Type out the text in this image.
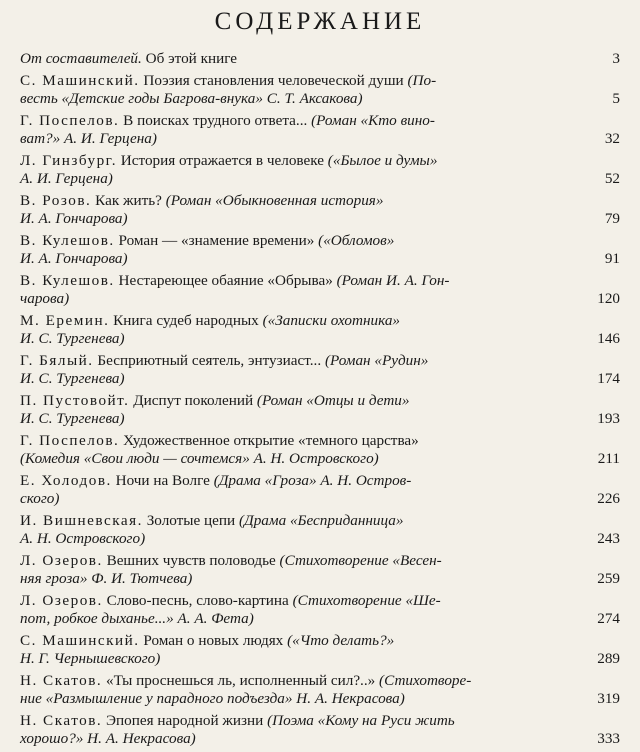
СОДЕРЖАНИЕ
От составителей. Об этой книге	3
С. Машинский. Поэзия становления человеческой души (По-
весть «Детские годы Багрова-внука» С. Т. Аксакова)	5
Г. Поспелов. В поисках трудного ответа... (Роман «Кто вино-
ват?» А. И. Герцена)	32
Л. Гинзбург. История отражается в человеке («Былое и думы»
А. И. Герцена)	52
В. Розов. Как жить? (Роман «Обыкновенная история»
И. А. Гончарова)	79
В. Кулешов. Роман — «знамение времени» («Обломов»
И. А. Гончарова)	91
В. Кулешов. Нестареющее обаяние «Обрыва» (Роман И. А. Гон-
чарова)	120
М. Еремин. Книга судеб народных («Записки охотника»
И. С. Тургенева)	146
Г. Бялый. Бесприютный сеятель, энтузиаст... (Роман «Рудин»
И. С. Тургенева)	174
П. Пустовойт. Диспут поколений (Роман «Отцы и дети»
И. С. Тургенева)	193
Г. Поспелов. Художественное открытие «темного царства»
(Комедия «Свои люди — сочтемся» А. Н. Островского)	211
Е. Холодов. Ночи на Волге (Драма «Гроза» А. Н. Остров-
ского)	226
И. Вишневская. Золотые цепи (Драма «Бесприданница»
А. Н. Островского)	243
Л. Озеров. Вешних чувств половодье (Стихотворение «Весен-
няя гроза» Ф. И. Тютчева)	259
Л. Озеров. Слово-песнь, слово-картина (Стихотворение «Ше-
пот, робкое дыханье...» А. А. Фета)	274
С. Машинский. Роман о новых людях («Что делать?»
Н. Г. Чернышевского)	289
Н. Скатов. «Ты проснешься ль, исполненный сил?..» (Стихотворе-
ние «Размышление у парадного подъезда» Н. А. Некрасова)	319
Н. Скатов. Эпопея народной жизни (Поэма «Кому на Руси жить
хорошо?» Н. А. Некрасова)	333
